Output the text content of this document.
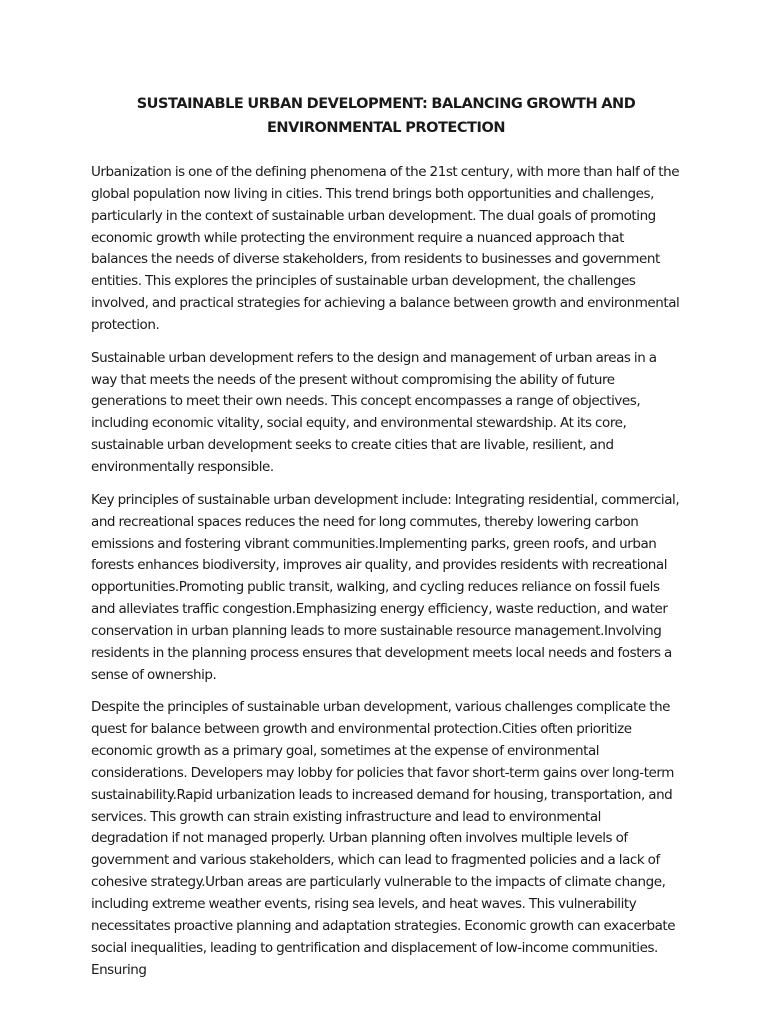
SUSTAINABLE URBAN DEVELOPMENT: BALANCING GROWTH AND ENVIRONMENTAL PROTECTION

Urbanization is one of the defining phenomena of the 21st century, with more than half of the global population now living in cities. This trend brings both opportunities and challenges, particularly in the context of sustainable urban development. The dual goals of promoting economic growth while protecting the environment require a nuanced approach that balances the needs of diverse stakeholders, from residents to businesses and government entities. This explores the principles of sustainable urban development, the challenges involved, and practical strategies for achieving a balance between growth and environmental protection.

Sustainable urban development refers to the design and management of urban areas in a way that meets the needs of the present without compromising the ability of future generations to meet their own needs. This concept encompasses a range of objectives, including economic vitality, social equity, and environmental stewardship. At its core, sustainable urban development seeks to create cities that are livable, resilient, and environmentally responsible.

Key principles of sustainable urban development include: Integrating residential, commercial, and recreational spaces reduces the need for long commutes, thereby lowering carbon emissions and fostering vibrant communities.Implementing parks, green roofs, and urban forests enhances biodiversity, improves air quality, and provides residents with recreational opportunities.Promoting public transit, walking, and cycling reduces reliance on fossil fuels and alleviates traffic congestion.Emphasizing energy efficiency, waste reduction, and water conservation in urban planning leads to more sustainable resource management.Involving residents in the planning process ensures that development meets local needs and fosters a sense of ownership.

Despite the principles of sustainable urban development, various challenges complicate the quest for balance between growth and environmental protection.Cities often prioritize economic growth as a primary goal, sometimes at the expense of environmental considerations. Developers may lobby for policies that favor short-term gains over long-term sustainability.Rapid urbanization leads to increased demand for housing, transportation, and services. This growth can strain existing infrastructure and lead to environmental degradation if not managed properly. Urban planning often involves multiple levels of government and various stakeholders, which can lead to fragmented policies and a lack of cohesive strategy.Urban areas are particularly vulnerable to the impacts of climate change, including extreme weather events, rising sea levels, and heat waves. This vulnerability necessitates proactive planning and adaptation strategies. Economic growth can exacerbate social inequalities, leading to gentrification and displacement of low-income communities. Ensuring
